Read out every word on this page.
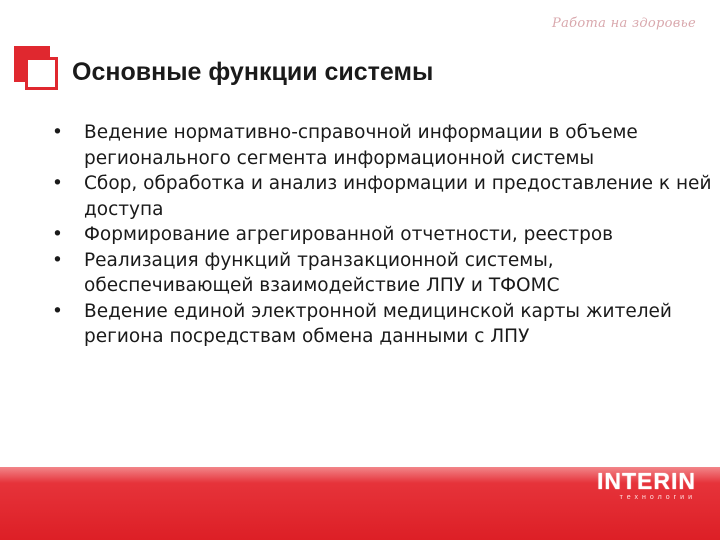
Работа на здоровье
Основные функции системы
• Ведение нормативно-справочной информации в объеме регионального сегмента информационной системы
• Сбор, обработка и анализ информации и предоставление к ней доступа
• Формирование агрегированной отчетности, реестров
• Реализация функций транзакционной системы, обеспечивающей взаимодействие ЛПУ и ТФОМС
• Ведение единой электронной медицинской карты жителей региона посредствам обмена данными с ЛПУ
INTERIN
технологии
